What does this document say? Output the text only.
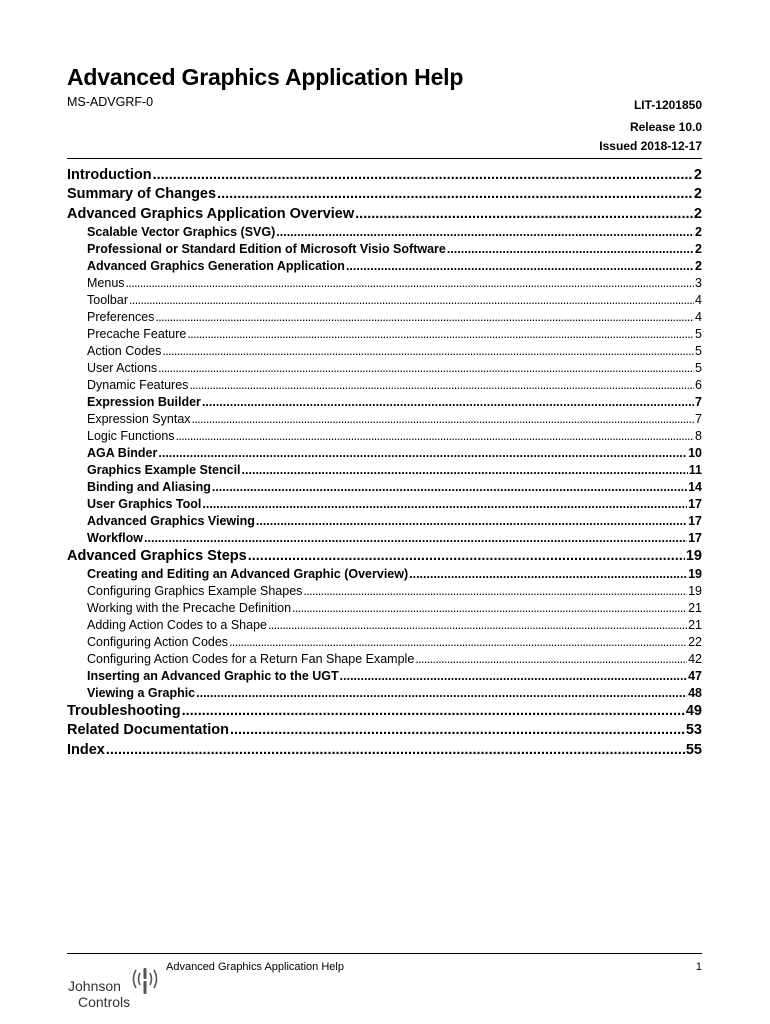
Advanced Graphics Application Help
MS-ADVGRF-0	LIT-1201850
Release 10.0
Issued 2018-12-17
Introduction .....	2
Summary of Changes .....	2
Advanced Graphics Application Overview .....	2
Scalable Vector Graphics (SVG) .....	2
Professional or Standard Edition of Microsoft Visio Software .....	2
Advanced Graphics Generation Application .....	2
Menus .....	3
Toolbar .....	4
Preferences .....	4
Precache Feature .....	5
Action Codes .....	5
User Actions .....	5
Dynamic Features .....	6
Expression Builder .....	7
Expression Syntax .....	7
Logic Functions .....	8
AGA Binder .....	10
Graphics Example Stencil .....	11
Binding and Aliasing .....	14
User Graphics Tool .....	17
Advanced Graphics Viewing .....	17
Workflow .....	17
Advanced Graphics Steps .....	19
Creating and Editing an Advanced Graphic (Overview) .....	19
Configuring Graphics Example Shapes .....	19
Working with the Precache Definition .....	21
Adding Action Codes to a Shape .....	21
Configuring Action Codes .....	22
Configuring Action Codes for a Return Fan Shape Example .....	42
Inserting an Advanced Graphic to the UGT .....	47
Viewing a Graphic .....	48
Troubleshooting .....	49
Related Documentation .....	53
Index .....	55
Johnson
Controls
Advanced Graphics Application Help	1
